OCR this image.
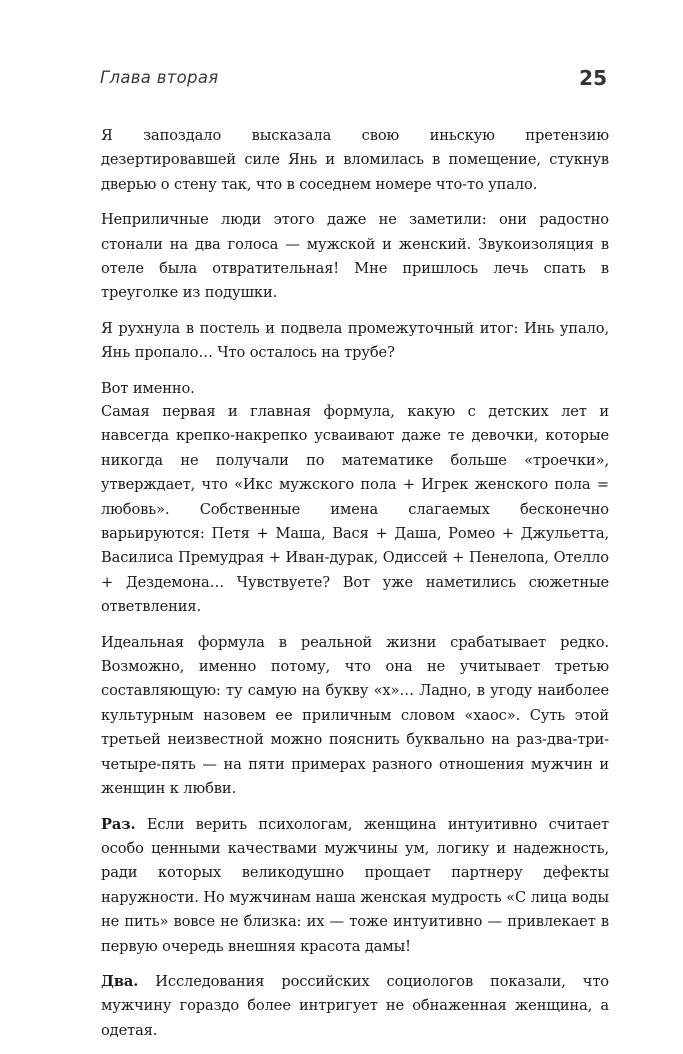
Глава вторая	25

Я запоздало высказала свою иньскую претензию дезертировавшей силе Янь и вломилась в помещение, стукнув дверью о стену так, что в соседнем номере что-то упало.

Неприличные люди этого даже не заметили: они радостно стонали на два голоса — мужской и женский. Звукоизоляция в отеле была отвратительная! Мне пришлось лечь спать в треуголке из подушки.

Я рухнула в постель и подвела промежуточный итог: Инь упало, Янь пропало… Что осталось на трубе?

Вот именно.

Самая первая и главная формула, какую с детских лет и навсегда крепко-накрепко усваивают даже те девочки, которые никогда не получали по математике больше «троечки», утверждает, что «Икс мужского пола + Игрек женского пола = любовь». Собственные имена слагаемых бесконечно варьируются: Петя + Маша, Вася + Даша, Ромео + Джульетта, Василиса Премудрая + Иван-дурак, Одиссей + Пенелопа, Отелло + Дездемона… Чувствуете? Вот уже наметились сюжетные ответвления.

Идеальная формула в реальной жизни срабатывает редко. Возможно, именно потому, что она не учитывает третью составляющую: ту самую на букву «х»… Ладно, в угоду наиболее культурным назовем ее приличным словом «хаос». Суть этой третьей неизвестной можно пояснить буквально на раз-два-три-четыре-пять — на пяти примерах разного отношения мужчин и женщин к любви.

Раз. Если верить психологам, женщина интуитивно считает особо ценными качествами мужчины ум, логику и надежность, ради которых великодушно прощает партнеру дефекты наружности. Но мужчинам наша женская мудрость «С лица воды не пить» вовсе не близка: их — тоже интуитивно — привлекает в первую очередь внешняя красота дамы!

Два. Исследования российских социологов показали, что мужчину гораздо более интригует не обнаженная женщина, а одетая.
